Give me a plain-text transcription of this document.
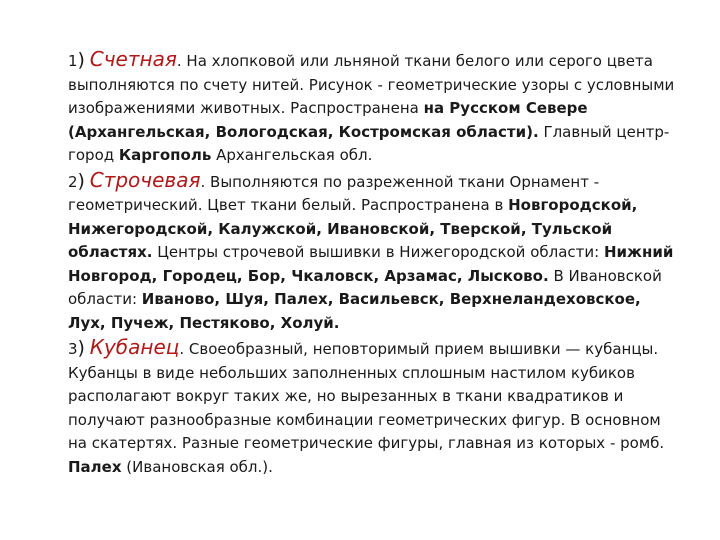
1) Счетная. На хлопковой или льняной ткани белого или серого цвета выполняются по счету нитей. Рисунок - геометрические узоры с условными изображениями животных. Распространена на Русском Севере (Архангельская, Вологодская, Костромская области). Главный центр- город Каргополь Архангельская обл.

2) Строчевая. Выполняются по разреженной ткани Орнамент - геометрический. Цвет ткани белый. Распространена в Новгородской, Нижегородской, Калужской, Ивановской, Тверской, Тульской областях. Центры строчевой вышивки в Нижегородской области: Нижний Новгород, Городец, Бор, Чкаловск, Арзамас, Лысково. В Ивановской области: Иваново, Шуя, Палех, Васильевск, Верхнеландеховское, Лух, Пучеж, Пестяково, Холуй.

3) Кубанец. Своеобразный, неповторимый прием вышивки — кубанцы. Кубанцы в виде небольших заполненных сплошным настилом кубиков располагают вокруг таких же, но вырезанных в ткани квадратиков и получают разнообразные комбинации геометрических фигур. В основном на скатертях. Разные геометрические фигуры, главная из которых - ромб. Палех (Ивановская обл.).
